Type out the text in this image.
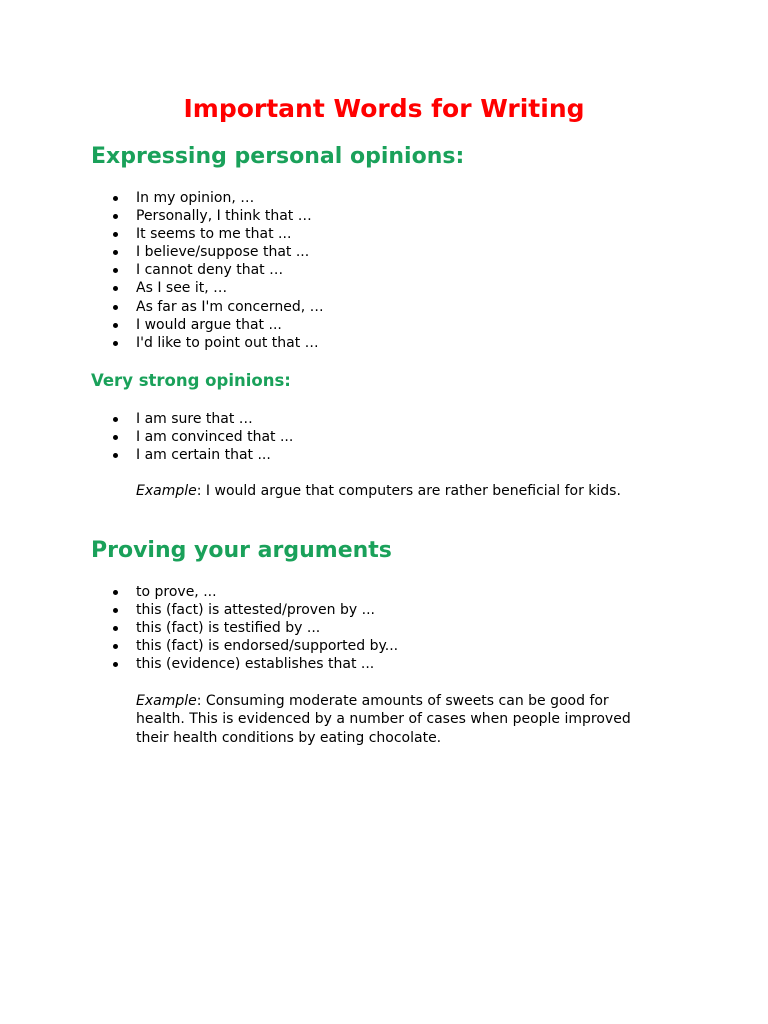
Important Words for Writing
Expressing personal opinions:
In my opinion, …
Personally, I think that …
It seems to me that ...
I believe/suppose that ...
I cannot deny that …
As I see it, …
As far as I'm concerned, …
I would argue that ...
I'd like to point out that …
Very strong opinions:
I am sure that …
I am convinced that ...
I am certain that ...

Example: I would argue that computers are rather beneficial for kids.

Proving your arguments
to prove, ...
this (fact) is attested/proven by ...
this (fact) is testified by ...
this (fact) is endorsed/supported by...
this (evidence) establishes that ...

Example: Consuming moderate amounts of sweets can be good for health. This is evidenced by a number of cases when people improved their health conditions by eating chocolate.
